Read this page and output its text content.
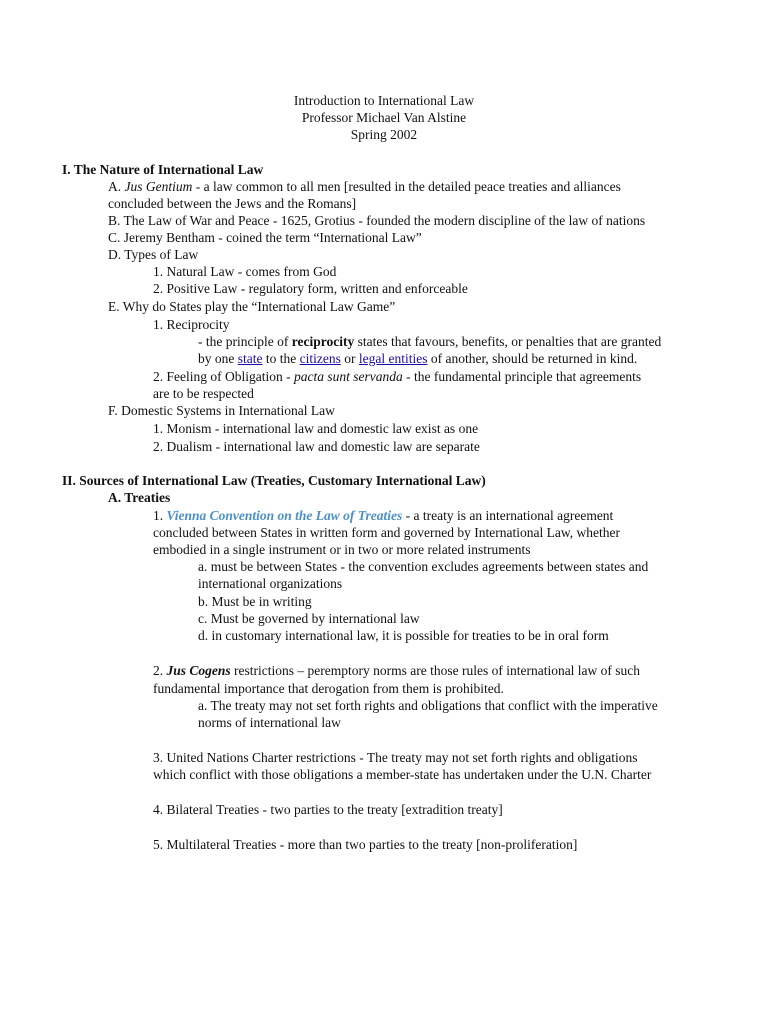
Introduction to International Law
Professor Michael Van Alstine
Spring 2002
I. The Nature of International Law
A. Jus Gentium - a law common to all men [resulted in the detailed peace treaties and alliances
concluded between the Jews and the Romans]
B. The Law of War and Peace - 1625, Grotius - founded the modern discipline of the law of nations
C. Jeremy Bentham - coined the term “International Law”
D. Types of Law
1. Natural Law - comes from God
2. Positive Law - regulatory form, written and enforceable
E. Why do States play the “International Law Game”
1. Reciprocity
- the principle of reciprocity states that favours, benefits, or penalties that are granted
by one state to the citizens or legal entities of another, should be returned in kind.
2. Feeling of Obligation - pacta sunt servanda - the fundamental principle that agreements
are to be respected
F. Domestic Systems in International Law
1. Monism - international law and domestic law exist as one
2. Dualism - international law and domestic law are separate
II. Sources of International Law (Treaties, Customary International Law)
A. Treaties
1. Vienna Convention on the Law of Treaties - a treaty is an international agreement
concluded between States in written form and governed by International Law, whether
embodied in a single instrument or in two or more related instruments
a. must be between States - the convention excludes agreements between states and
international organizations
b. Must be in writing
c. Must be governed by international law
d. in customary international law, it is possible for treaties to be in oral form
2. Jus Cogens restrictions – peremptory norms are those rules of international law of such
fundamental importance that derogation from them is prohibited.
a. The treaty may not set forth rights and obligations that conflict with the imperative
norms of international law
3. United Nations Charter restrictions - The treaty may not set forth rights and obligations
which conflict with those obligations a member-state has undertaken under the U.N. Charter
4. Bilateral Treaties - two parties to the treaty [extradition treaty]
5. Multilateral Treaties - more than two parties to the treaty [non-proliferation]
